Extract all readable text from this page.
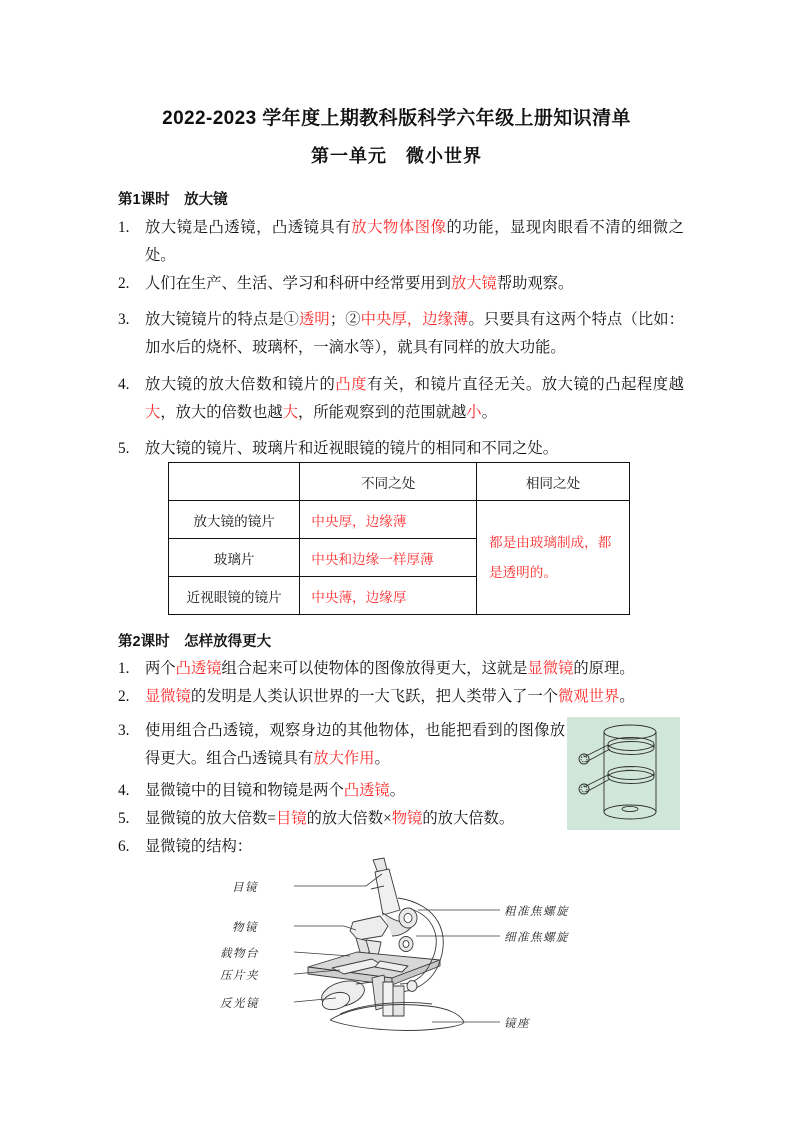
2022-2023 学年度上期教科版科学六年级上册知识清单
第一单元　微小世界
第1课时　放大镜
1.	放大镜是凸透镜，凸透镜具有放大物体图像的功能，显现肉眼看不清的细微之处。
2.	人们在生产、生活、学习和科研中经常要用到放大镜帮助观察。
3.	放大镜镜片的特点是①透明；②中央厚，边缘薄。只要具有这两个特点（比如：加水后的烧杯、玻璃杯，一滴水等），就具有同样的放大功能。
4.	放大镜的放大倍数和镜片的凸度有关，和镜片直径无关。放大镜的凸起程度越大，放大的倍数也越大，所能观察到的范围就越小。
5.	放大镜的镜片、玻璃片和近视眼镜的镜片的相同和不同之处。
	不同之处	相同之处
放大镜的镜片	中央厚，边缘薄	都是由玻璃制成，都是透明的。
玻璃片	中央和边缘一样厚薄	
近视眼镜的镜片	中央薄，边缘厚	
第2课时　怎样放得更大
1.	两个凸透镜组合起来可以使物体的图像放得更大，这就是显微镜的原理。
2.	显微镜的发明是人类认识世界的一大飞跃，把人类带入了一个微观世界。
3.	使用组合凸透镜，观察身边的其他物体，也能把看到的图像放得更大。组合凸透镜具有放大作用。
4.	显微镜中的目镜和物镜是两个凸透镜。
5.	显微镜的放大倍数=目镜的放大倍数×物镜的放大倍数。
6.	显微镜的结构：
目镜
物镜
载物台
压片夹
反光镜
粗准焦螺旋
细准焦螺旋
镜座
